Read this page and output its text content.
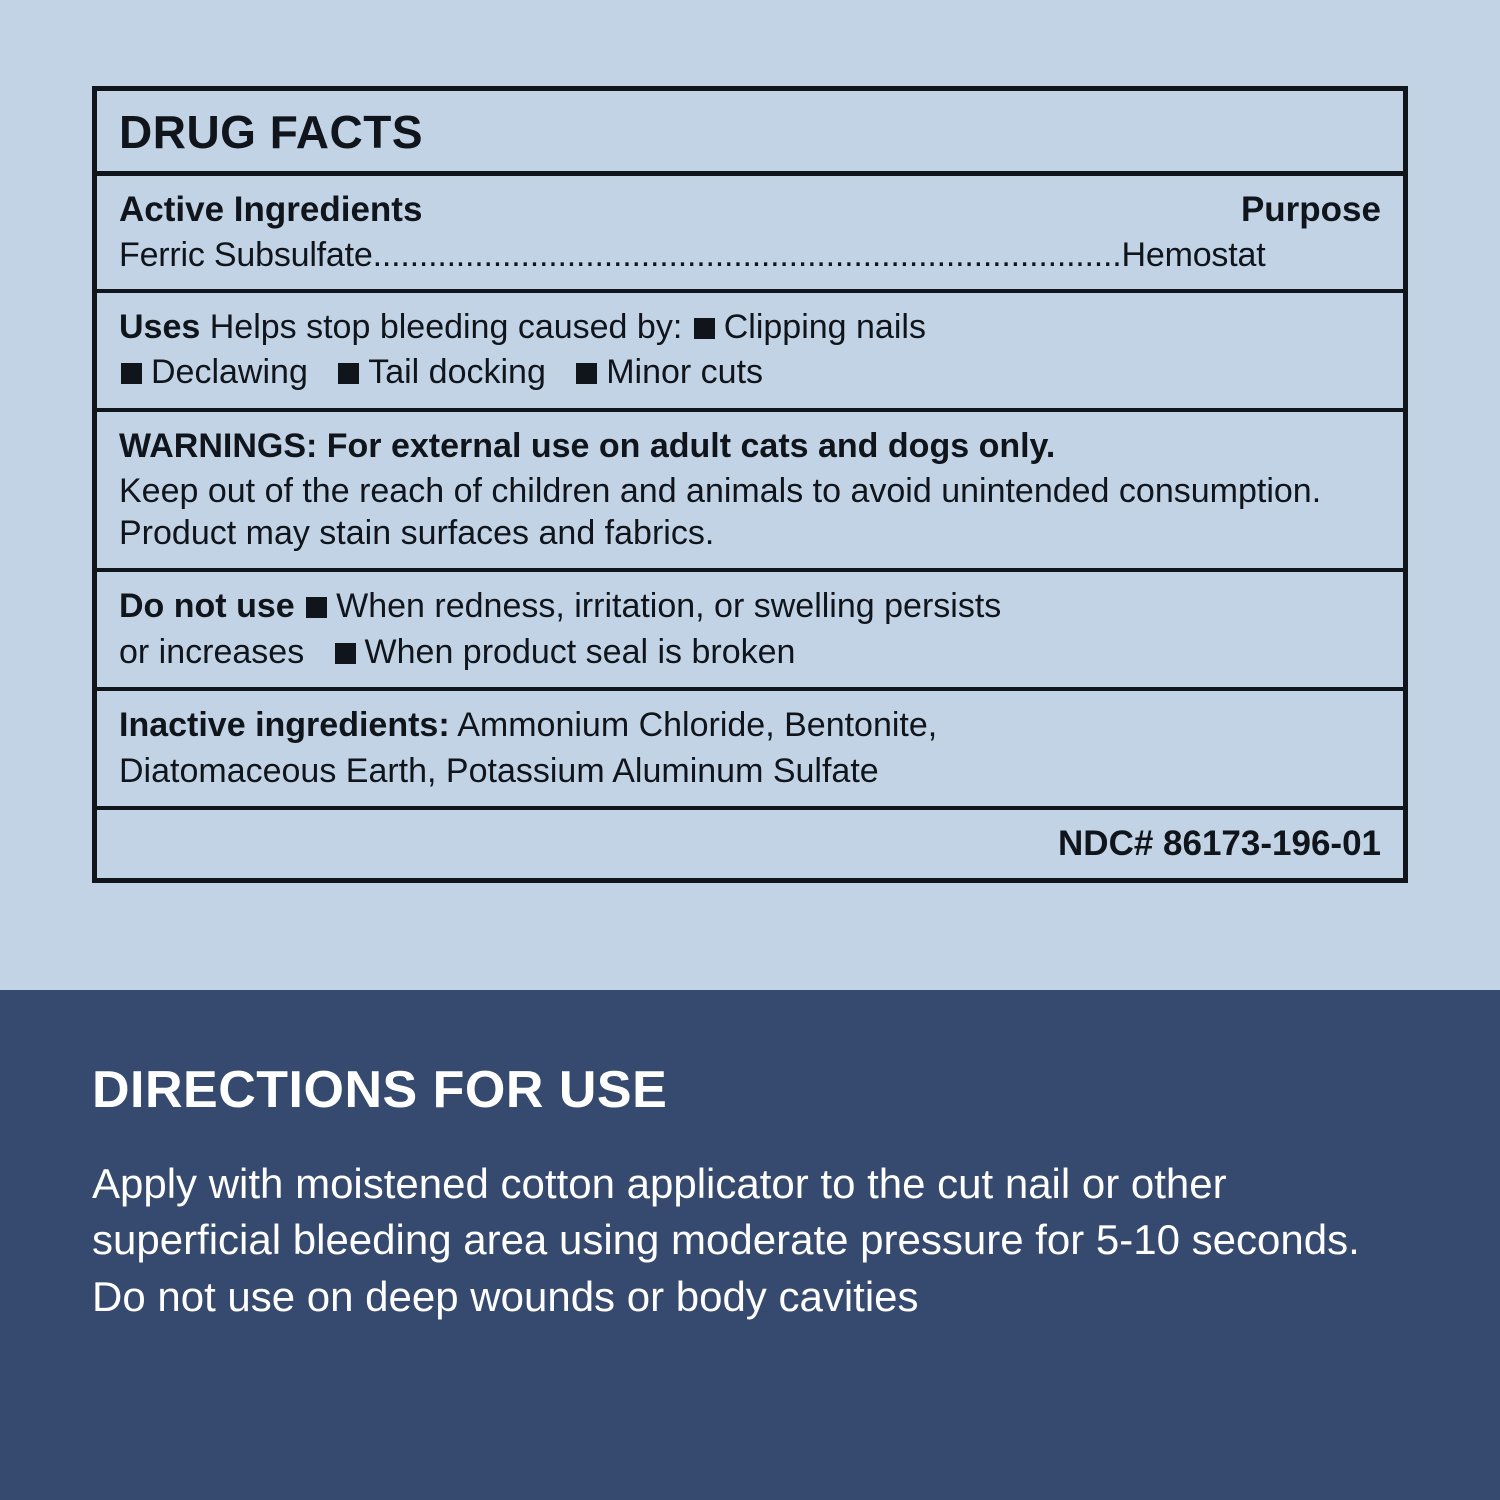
DRUG FACTS
Active Ingredients	Purpose
Ferric Subsulfate.................................................................................Hemostat
Uses Helps stop bleeding caused by: Clipping nails
Declawing Tail docking Minor cuts
WARNINGS: For external use on adult cats and dogs only.
Keep out of the reach of children and animals to avoid unintended consumption. Product may stain surfaces and fabrics.
Do not use When redness, irritation, or swelling persists
or increases When product seal is broken
Inactive ingredients: Ammonium Chloride, Bentonite,
Diatomaceous Earth, Potassium Aluminum Sulfate
NDC# 86173-196-01
DIRECTIONS FOR USE
Apply with moistened cotton applicator to the cut nail or other superficial bleeding area using moderate pressure for 5-10 seconds. Do not use on deep wounds or body cavities
